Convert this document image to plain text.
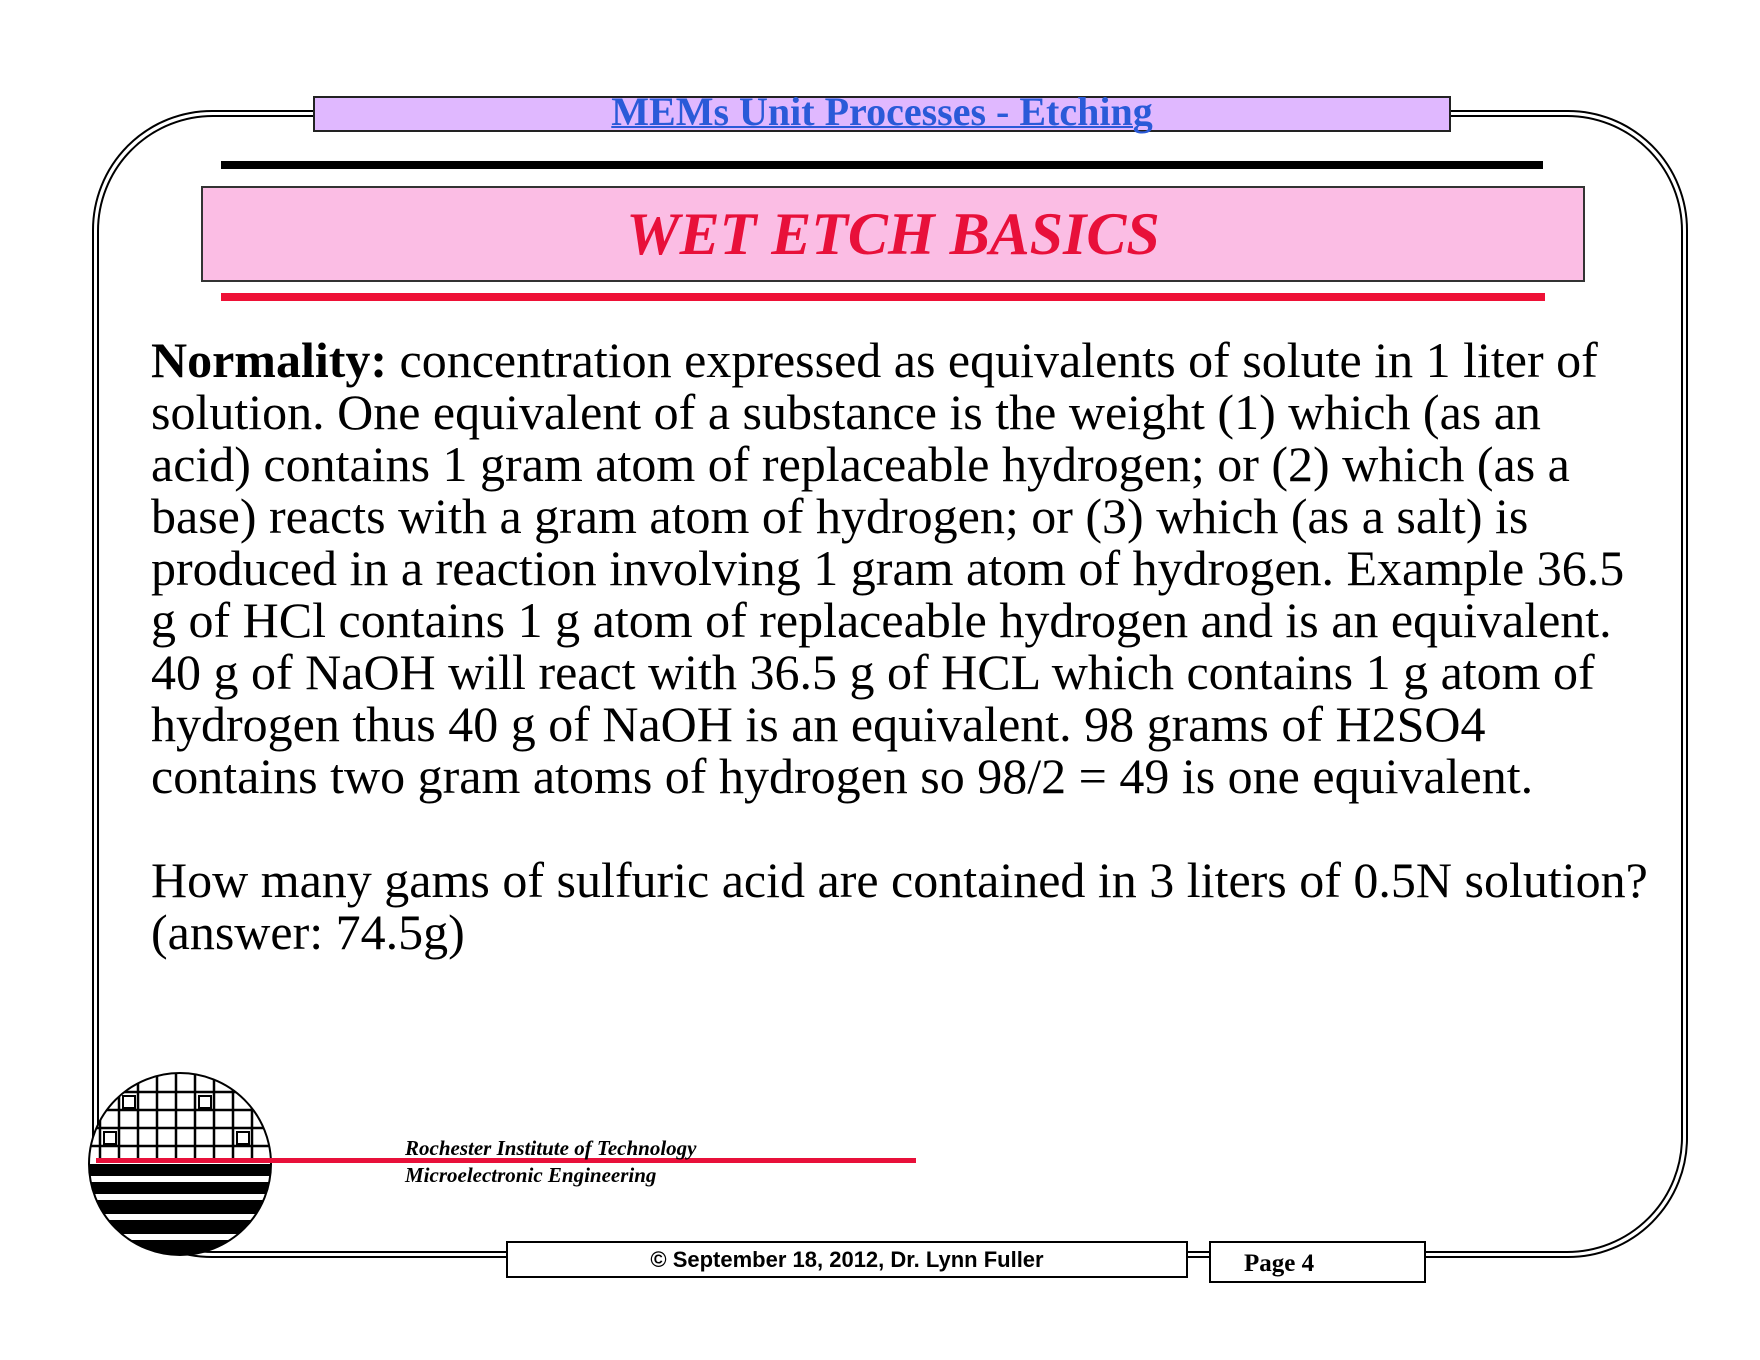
MEMs Unit Processes - Etching
WET ETCH BASICS

Normality: concentration expressed as equivalents of solute in 1 liter of solution. One equivalent of a substance is the weight (1) which (as an acid) contains 1 gram atom of replaceable hydrogen; or (2) which (as a base) reacts with a gram atom of hydrogen; or (3) which (as a salt) is produced in a reaction involving 1 gram atom of hydrogen. Example 36.5 g of HCl contains 1 g atom of replaceable hydrogen and is an equivalent. 40 g of NaOH will react with 36.5 g of HCL which contains 1 g atom of hydrogen thus 40 g of NaOH is an equivalent. 98 grams of H2SO4 contains two gram atoms of hydrogen so 98/2 = 49 is one equivalent.

How many gams of sulfuric acid are contained in 3 liters of 0.5N solution?

(answer: 74.5g)

Rochester Institute of Technology
Microelectronic Engineering
© September 18, 2012, Dr. Lynn Fuller	Page 4
